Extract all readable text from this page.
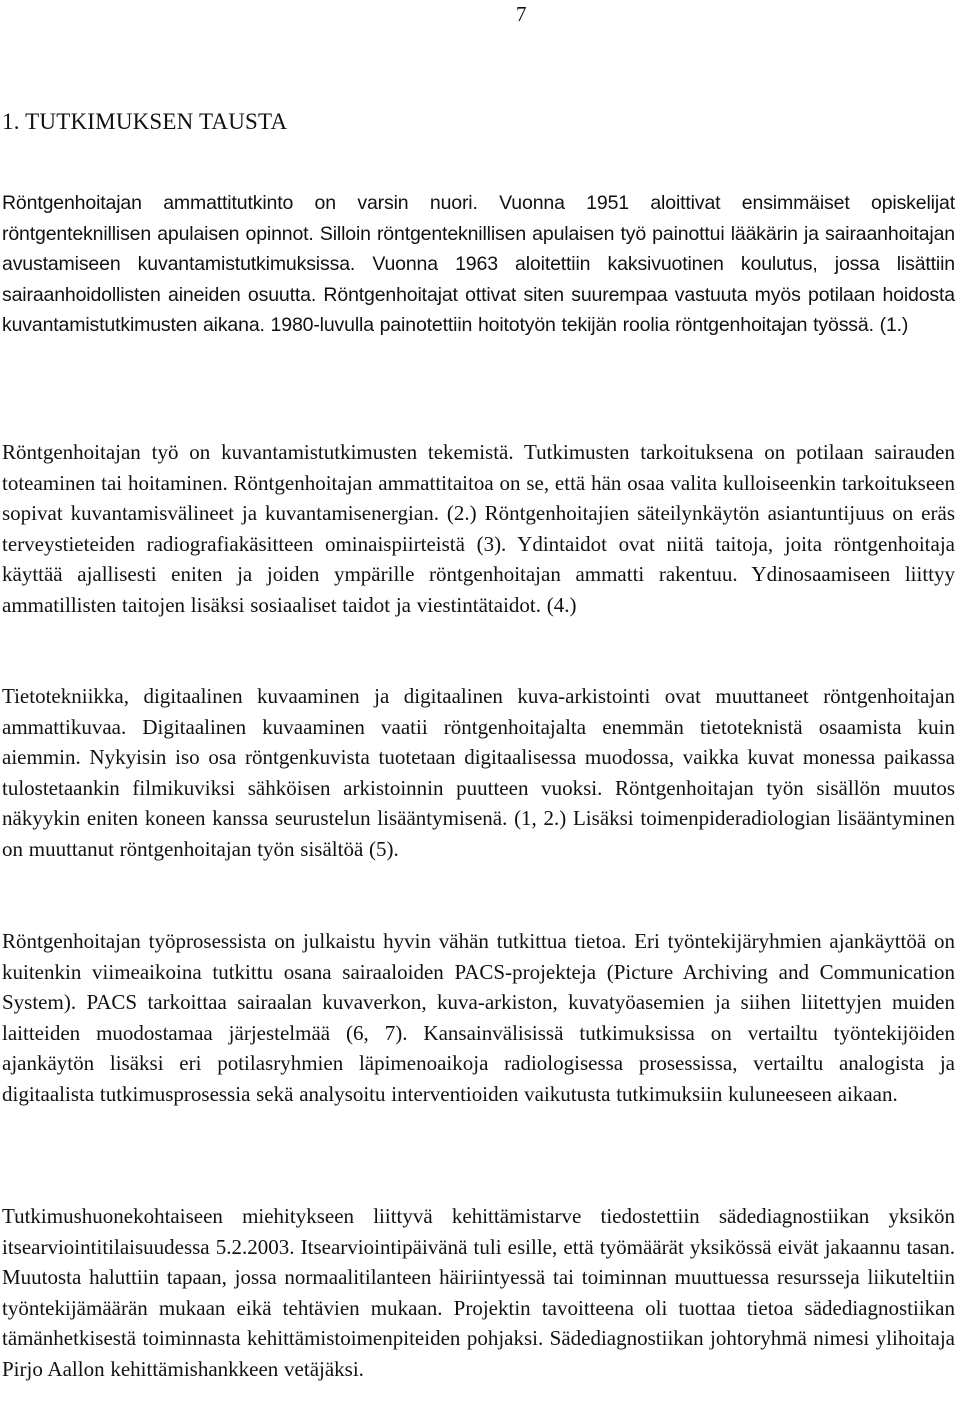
7
1. TUTKIMUKSEN TAUSTA

Röntgenhoitajan ammattitutkinto on varsin nuori. Vuonna 1951 aloittivat ensimmäiset opiskelijat röntgenteknillisen apulaisen opinnot. Silloin röntgenteknillisen apulaisen työ painottui lääkärin ja sairaanhoitajan avustamiseen kuvantamistutkimuksissa. Vuonna 1963 aloitettiin kaksivuotinen koulutus, jossa lisättiin sairaanhoidollisten aineiden osuutta. Röntgenhoitajat ottivat siten suurempaa vastuuta myös potilaan hoidosta kuvantamistutkimusten aikana. 1980-luvulla painotettiin hoitotyön tekijän roolia röntgenhoitajan työssä. (1.)

Röntgenhoitajan työ on kuvantamistutkimusten tekemistä. Tutkimusten tarkoituksena on potilaan sairauden toteaminen tai hoitaminen. Röntgenhoitajan ammattitaitoa on se, että hän osaa valita kulloiseenkin tarkoitukseen sopivat kuvantamisvälineet ja kuvantamisenergian. (2.) Röntgenhoitajien säteilynkäytön asiantuntijuus on eräs terveystieteiden radiografiakäsitteen ominaispiirteistä (3). Ydintaidot ovat niitä taitoja, joita röntgenhoitaja käyttää ajallisesti eniten ja joiden ympärille röntgenhoitajan ammatti rakentuu. Ydinosaamiseen liittyy ammatillisten taitojen lisäksi sosiaaliset taidot ja viestintätaidot. (4.)

Tietotekniikka, digitaalinen kuvaaminen ja digitaalinen kuva-arkistointi ovat muuttaneet röntgenhoitajan ammattikuvaa. Digitaalinen kuvaaminen vaatii röntgenhoitajalta enemmän tietoteknistä osaamista kuin aiemmin. Nykyisin iso osa röntgenkuvista tuotetaan digitaalisessa muodossa, vaikka kuvat monessa paikassa tulostetaankin filmikuviksi sähköisen arkistoinnin puutteen vuoksi. Röntgenhoitajan työn sisällön muutos näkyykin eniten koneen kanssa seurustelun lisääntymisenä. (1, 2.) Lisäksi toimenpideradiologian lisääntyminen on muuttanut röntgenhoitajan työn sisältöä (5).

Röntgenhoitajan työprosessista on julkaistu hyvin vähän tutkittua tietoa. Eri työntekijäryhmien ajankäyttöä on kuitenkin viimeaikoina tutkittu osana sairaaloiden PACS-projekteja (Picture Archiving and Communication System). PACS tarkoittaa sairaalan kuvaverkon, kuva-arkiston, kuvatyöasemien ja siihen liitettyjen muiden laitteiden muodostamaa järjestelmää (6, 7). Kansainvälisissä tutkimuksissa on vertailtu työntekijöiden ajankäytön lisäksi eri potilasryhmien läpimenoaikoja radiologisessa prosessissa, vertailtu analogista ja digitaalista tutkimusprosessia sekä analysoitu interventioiden vaikutusta tutkimuksiin kuluneeseen aikaan.

Tutkimushuonekohtaiseen miehitykseen liittyvä kehittämistarve tiedostettiin sädediagnostiikan yksikön itsearviointitilaisuudessa 5.2.2003. Itsearviointipäivänä tuli esille, että työmäärät yksikössä eivät jakaannu tasan. Muutosta haluttiin tapaan, jossa normaalitilanteen häiriintyessä tai toiminnan muuttuessa resursseja liikuteltiin työntekijämäärän mukaan eikä tehtävien mukaan. Projektin tavoitteena oli tuottaa tietoa sädediagnostiikan tämänhetkisestä toiminnasta kehittämistoimenpiteiden pohjaksi. Sädediagnostiikan johtoryhmä nimesi ylihoitaja Pirjo Aallon kehittämishankkeen vetäjäksi.
